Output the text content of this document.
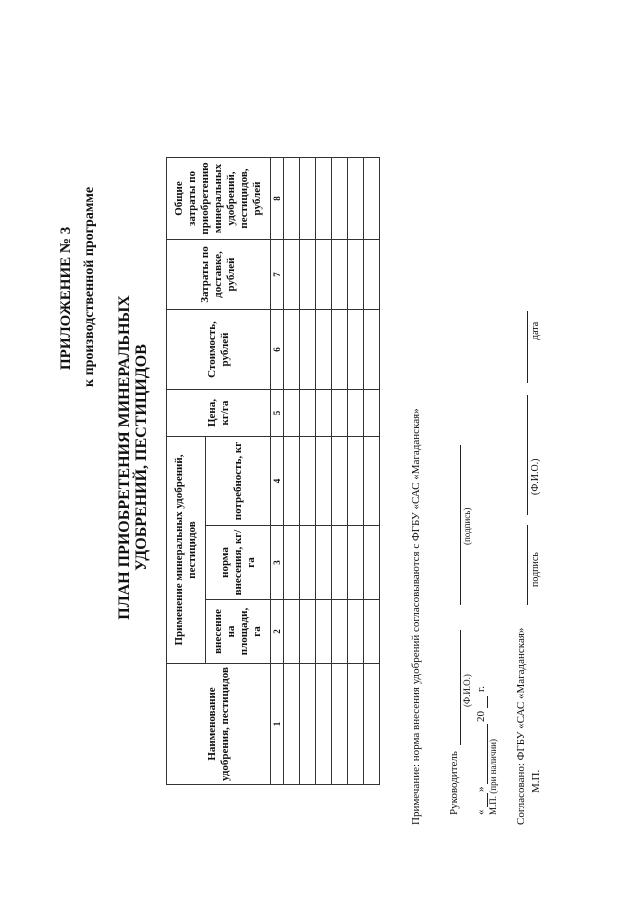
ПРИЛОЖЕНИЕ № 3 к производственной программе
ПЛАН ПРИОБРЕТЕНИЯ МИНЕРАЛЬНЫХ УДОБРЕНИЙ, ПЕСТИЦИДОВ
Наименование удобрения, пестицидов	Применение минеральных удобрений, пестицидов			Цена, кг/га	Стоимость, рублей	Затраты по доставке, рублей	Общие затраты по приобретению минеральных удобрений, пестицидов, рублей
	внесение на площади, га	норма внесения, кг/га	потребность, кг				
1	2	3	4	5	6	7	8

Примечание: норма внесения удобрений согласовываются с ФГБУ «САС «Магаданская» Руководитель
(Ф.И.О.)
(подпись)
«
»
20
г.
М.П. (при наличии) Согласовано: ФГБУ «САС «Магаданская» М.П.
подпись
(Ф.И.О.)
дата
